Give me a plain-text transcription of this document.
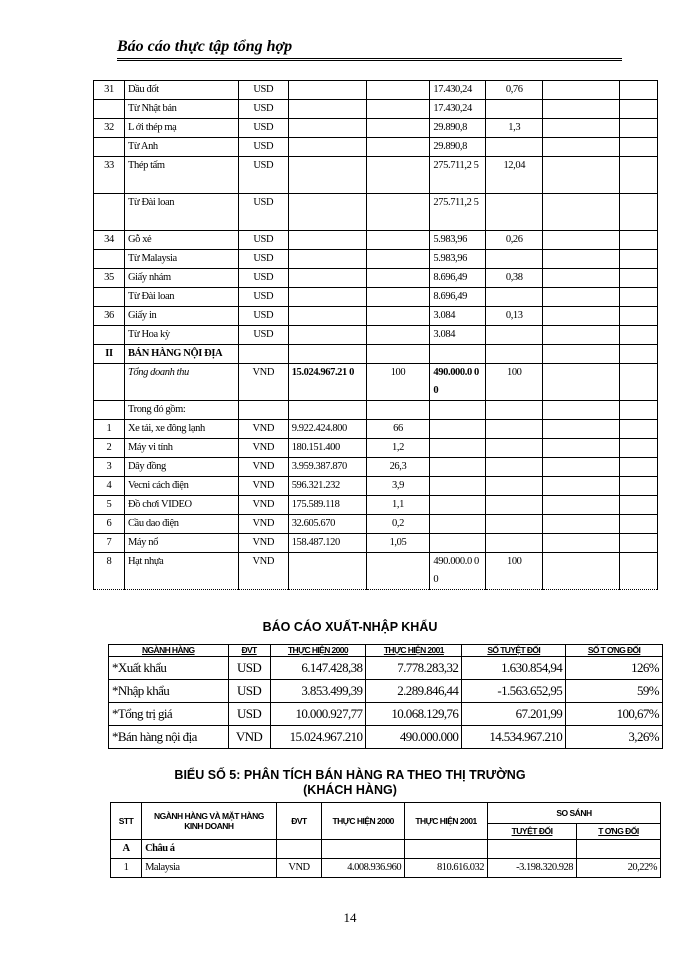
Báo cáo thực tập tổng hợp
31	Dầu đốt	USD			17.430,24	0,76		
	Từ Nhật bản	USD			17.430,24			
32	L ới thép mạ	USD			29.890,8	1,3		
	Từ Anh	USD			29.890,8			
33	Thép tấm	USD			275.711,2 5	12,04		
	Từ Đài loan	USD			275.711,2 5			
34	Gỗ xẻ	USD			5.983,96	0,26		
	Từ Malaysia	USD			5.983,96			
35	Giấy nhám	USD			8.696,49	0,38		
	Từ Đài loan	USD			8.696,49			
36	Giấy in	USD			3.084	0,13		
	Từ Hoa kỳ	USD			3.084			
II	BÁN HÀNG NỘI ĐỊA							
	Tổng doanh thu	VND	15.024.967.21 0	100	490.000.0 00	100		
	Trong đó gồm:							
1	Xe tải, xe đông lạnh	VND	9.922.424.800	66				
2	Máy vi tính	VND	180.151.400	1,2				
3	Dây đồng	VND	3.959.387.870	26,3				
4	Vecni cách điện	VND	596.321.232	3,9				
5	Đồ chơi VIDEO	VND	175.589.118	1,1				
6	Cầu dao điện	VND	32.605.670	0,2				
7	Máy nổ	VND	158.487.120	1,05				
8	Hạt nhựa	VND			490.000.0 00	100		
BÁO CÁO XUẤT-NHẬP KHẨU
NGÀNH HÀNG	ĐVT	THỰC HIỆN 2000	THỰC HIỆN 2001	SỐ TUYỆT ĐỐI	SỐ T ƠNG ĐỐI
*Xuất khẩu	USD	6.147.428,38	7.778.283,32	1.630.854,94	126%
*Nhập khẩu	USD	3.853.499,39	2.289.846,44	-1.563.652,95	59%
*Tổng trị giá	USD	10.000.927,77	10.068.129,76	67.201,99	100,67%
*Bán hàng nội địa	VND	15.024.967.210	490.000.000	14.534.967.210	3,26%
BIỂU SỐ 5: PHÂN TÍCH BÁN HÀNG RA THEO THỊ TRƯỜNG
(KHÁCH HÀNG)
STT	NGÀNH HÀNG VÀ MẶT HÀNG KINH DOANH	ĐVT	THỰC HIỆN 2000	THỰC HIỆN 2001	SO SÁNH	
					TUYỆT ĐỐI	T ƠNG ĐỐI
A	Châu á					
1	Malaysia	VND	4.008.936.960	810.616.032	-3.198.320.928	20,22%
14
